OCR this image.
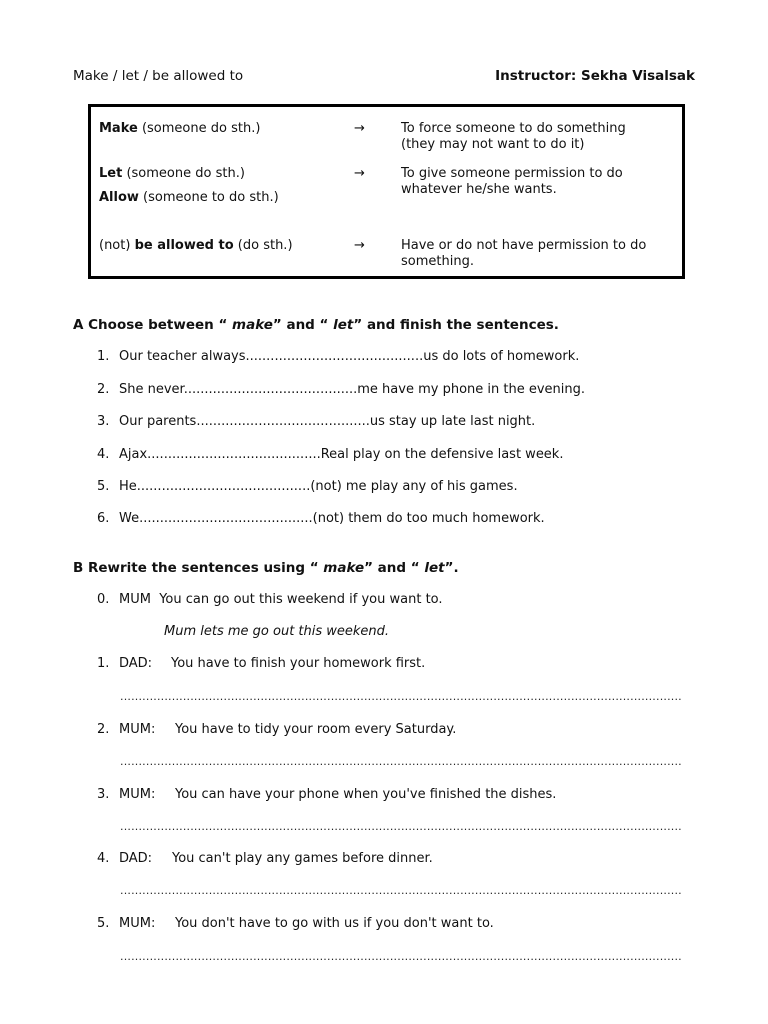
Make / let / be allowed to	Instructor: Sekha Visalsak
Make (someone do sth.)	→	To force someone to do something
(they may not want to do it)
Let (someone do sth.)
Allow (someone to do sth.)
→	To give someone permission to do
whatever he/she wants.
(not) be allowed to (do sth.)	→	Have or do not have permission to do
something.
A Choose between “ make” and “ let” and finish the sentences.
1. Our teacher always...........................................us do lots of homework.
2. She never..........................................me have my phone in the evening.
3. Our parents..........................................us stay up late last night.
4. Ajax..........................................Real play on the defensive last week.
5. He..........................................(not) me play any of his games.
6. We..........................................(not) them do too much homework.
B Rewrite the sentences using “ make” and “ let”.
0. MUM You can go out this weekend if you want to.
Mum lets me go out this weekend.
1. DAD: You have to finish your homework first.
........................................................................................................................................................
2. MUM: You have to tidy your room every Saturday.
........................................................................................................................................................
3. MUM: You can have your phone when you've finished the dishes.
........................................................................................................................................................
4. DAD: You can't play any games before dinner.
........................................................................................................................................................
5. MUM: You don't have to go with us if you don't want to.
........................................................................................................................................................
